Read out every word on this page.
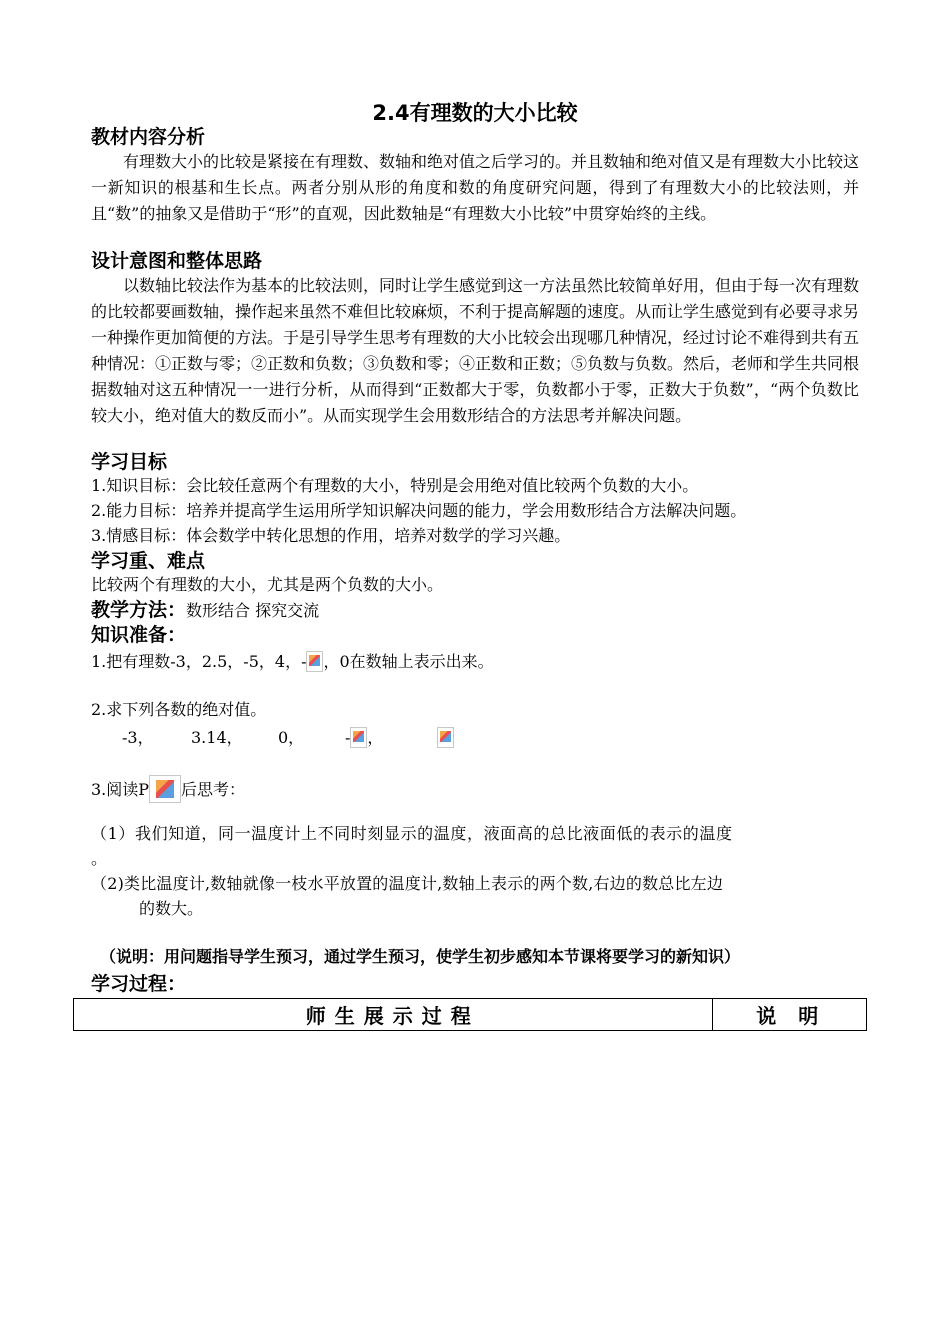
2.4有理数的大小比较
教材内容分析
有理数大小的比较是紧接在有理数、数轴和绝对值之后学习的。并且数轴和绝对值又是有理数大小比较这一新知识的根基和生长点。两者分别从形的角度和数的角度研究问题，得到了有理数大小的比较法则，并且“数”的抽象又是借助于“形”的直观，因此数轴是“有理数大小比较”中贯穿始终的主线。
设计意图和整体思路
以数轴比较法作为基本的比较法则，同时让学生感觉到这一方法虽然比较简单好用，但由于每一次有理数的比较都要画数轴，操作起来虽然不难但比较麻烦，不利于提高解题的速度。从而让学生感觉到有必要寻求另一种操作更加简便的方法。于是引导学生思考有理数的大小比较会出现哪几种情况，经过讨论不难得到共有五种情况：①正数与零；②正数和负数；③负数和零；④正数和正数；⑤负数与负数。然后，老师和学生共同根据数轴对这五种情况一一进行分析，从而得到“正数都大于零，负数都小于零，正数大于负数”，“两个负数比较大小，绝对值大的数反而小”。从而实现学生会用数形结合的方法思考并解决问题。
学习目标
1.知识目标：会比较任意两个有理数的大小，特别是会用绝对值比较两个负数的大小。
2.能力目标：培养并提高学生运用所学知识解决问题的能力，学会用数形结合方法解决问题。
3.情感目标：体会数学中转化思想的作用，培养对数学的学习兴趣。
学习重、难点
比较两个有理数的大小，尤其是两个负数的大小。
教学方法：数形结合 探究交流
知识准备：
1.把有理数-3，2.5，-5，4，- ，0在数轴上表示出来。
2.求下列各数的绝对值。
-3， 3.14， 0，	- ，
3.阅读P 后思考：
（1）我们知道，同一温度计上不同时刻显示的温度，液面高的总比液面低的表示的温度
。
（2)类比温度计,数轴就像一枝水平放置的温度计,数轴上表示的两个数,右边的数总比左边
的数大。
（说明：用问题指导学生预习，通过学生预习，使学生初步感知本节课将要学习的新知识）
学习过程：
师生展示过程	说明
